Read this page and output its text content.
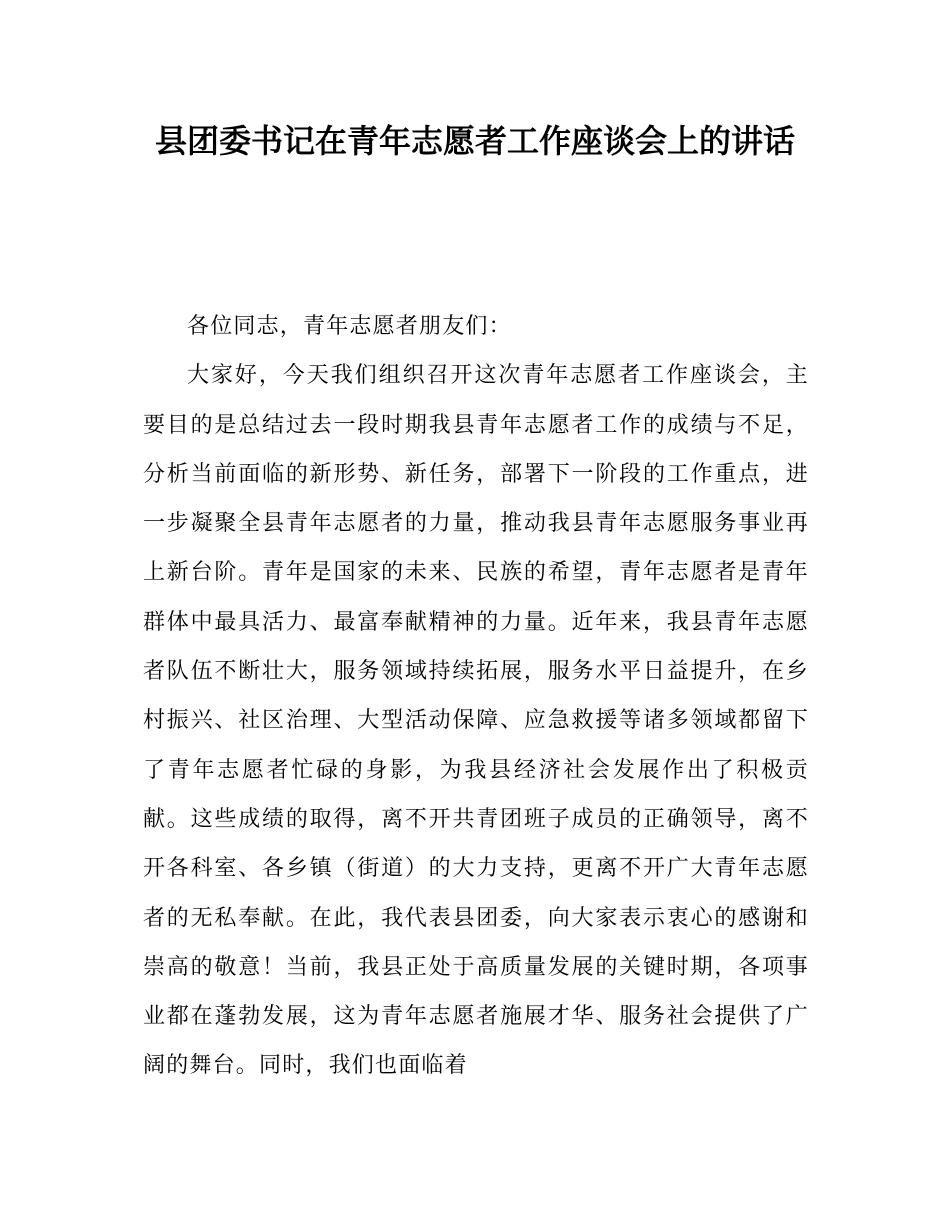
县团委书记在青年志愿者工作座谈会上的讲话

各位同志，青年志愿者朋友们：

大家好，今天我们组织召开这次青年志愿者工作座谈会，主要目的是总结过去一段时期我县青年志愿者工作的成绩与不足，分析当前面临的新形势、新任务，部署下一阶段的工作重点，进一步凝聚全县青年志愿者的力量，推动我县青年志愿服务事业再上新台阶。青年是国家的未来、民族的希望，青年志愿者是青年群体中最具活力、最富奉献精神的力量。近年来，我县青年志愿者队伍不断壮大，服务领域持续拓展，服务水平日益提升，在乡村振兴、社区治理、大型活动保障、应急救援等诸多领域都留下了青年志愿者忙碌的身影，为我县经济社会发展作出了积极贡献。这些成绩的取得，离不开共青团班子成员的正确领导，离不开各科室、各乡镇（街道）的大力支持，更离不开广大青年志愿者的无私奉献。在此，我代表县团委，向大家表示衷心的感谢和崇高的敬意！当前，我县正处于高质量发展的关键时期，各项事业都在蓬勃发展，这为青年志愿者施展才华、服务社会提供了广阔的舞台。同时，我们也面临着
